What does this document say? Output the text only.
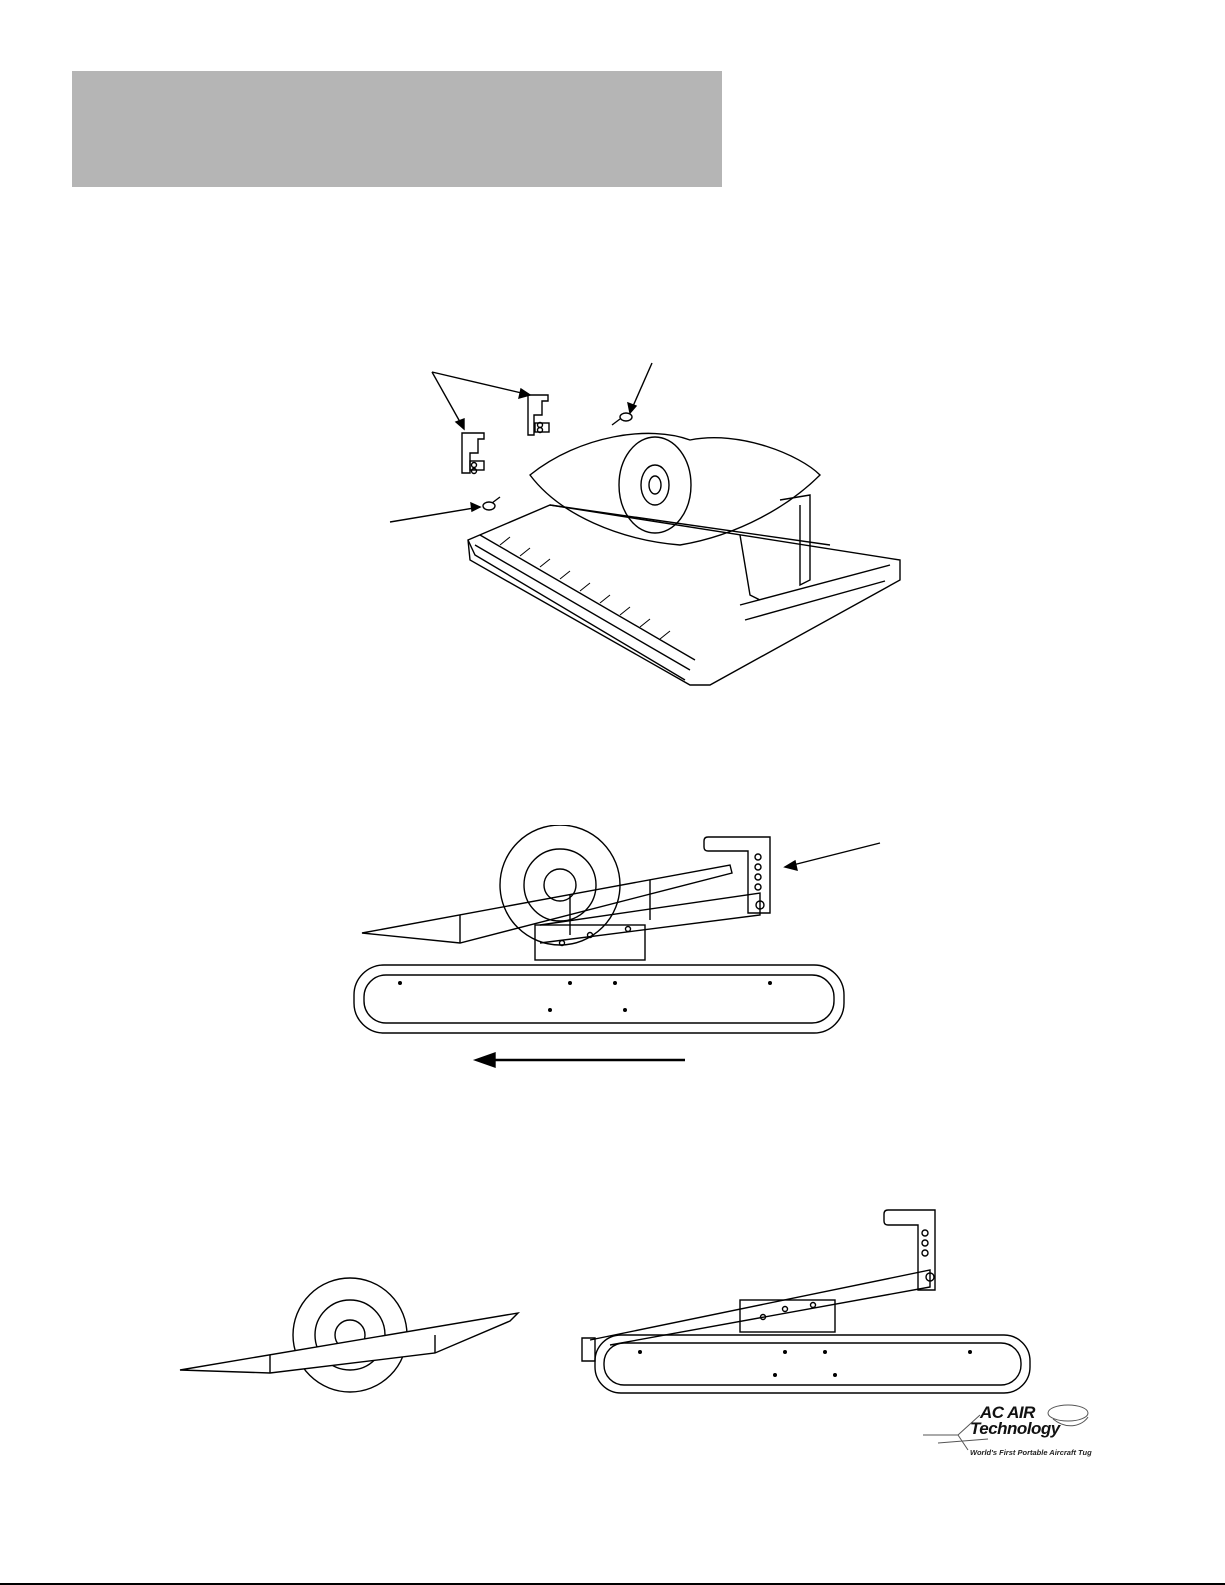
AC AIR
Technology
World's First Portable Aircraft Tug
